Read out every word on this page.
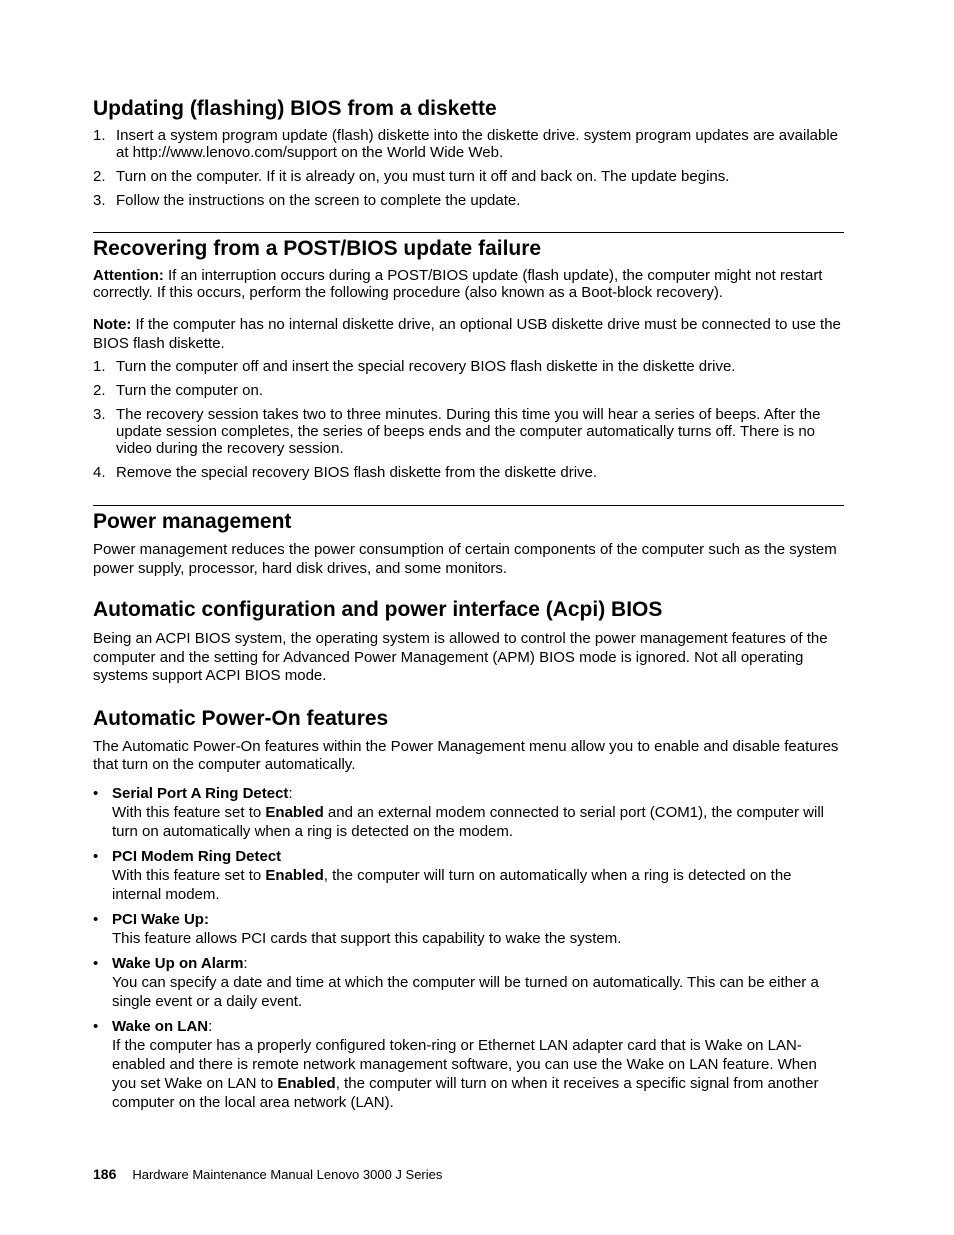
Updating (flashing) BIOS from a diskette
1. Insert a system program update (flash) diskette into the diskette drive. system program updates are available at http://www.lenovo.com/support on the World Wide Web.
2. Turn on the computer. If it is already on, you must turn it off and back on. The update begins.
3. Follow the instructions on the screen to complete the update.
Recovering from a POST/BIOS update failure

Attention: If an interruption occurs during a POST/BIOS update (flash update), the computer might not restart correctly. If this occurs, perform the following procedure (also known as a Boot-block recovery).

Note: If the computer has no internal diskette drive, an optional USB diskette drive must be connected to use the BIOS flash diskette.

1. Turn the computer off and insert the special recovery BIOS flash diskette in the diskette drive.
2. Turn the computer on.
3. The recovery session takes two to three minutes. During this time you will hear a series of beeps. After the update session completes, the series of beeps ends and the computer automatically turns off. There is no video during the recovery session.
4. Remove the special recovery BIOS flash diskette from the diskette drive.
Power management

Power management reduces the power consumption of certain components of the computer such as the system power supply, processor, hard disk drives, and some monitors.

Automatic configuration and power interface (Acpi) BIOS

Being an ACPI BIOS system, the operating system is allowed to control the power management features of the computer and the setting for Advanced Power Management (APM) BIOS mode is ignored. Not all operating systems support ACPI BIOS mode.

Automatic Power-On features

The Automatic Power-On features within the Power Management menu allow you to enable and disable features that turn on the computer automatically.

• Serial Port A Ring Detect:
With this feature set to Enabled and an external modem connected to serial port (COM1), the computer will turn on automatically when a ring is detected on the modem.
• PCI Modem Ring Detect
With this feature set to Enabled, the computer will turn on automatically when a ring is detected on the internal modem.
• PCI Wake Up:
This feature allows PCI cards that support this capability to wake the system.
• Wake Up on Alarm:
You can specify a date and time at which the computer will be turned on automatically. This can be either a single event or a daily event.
• Wake on LAN:
If the computer has a properly configured token-ring or Ethernet LAN adapter card that is Wake on LAN-enabled and there is remote network management software, you can use the Wake on LAN feature. When you set Wake on LAN to Enabled, the computer will turn on when it receives a specific signal from another computer on the local area network (LAN).
186 Hardware Maintenance Manual Lenovo 3000 J Series
